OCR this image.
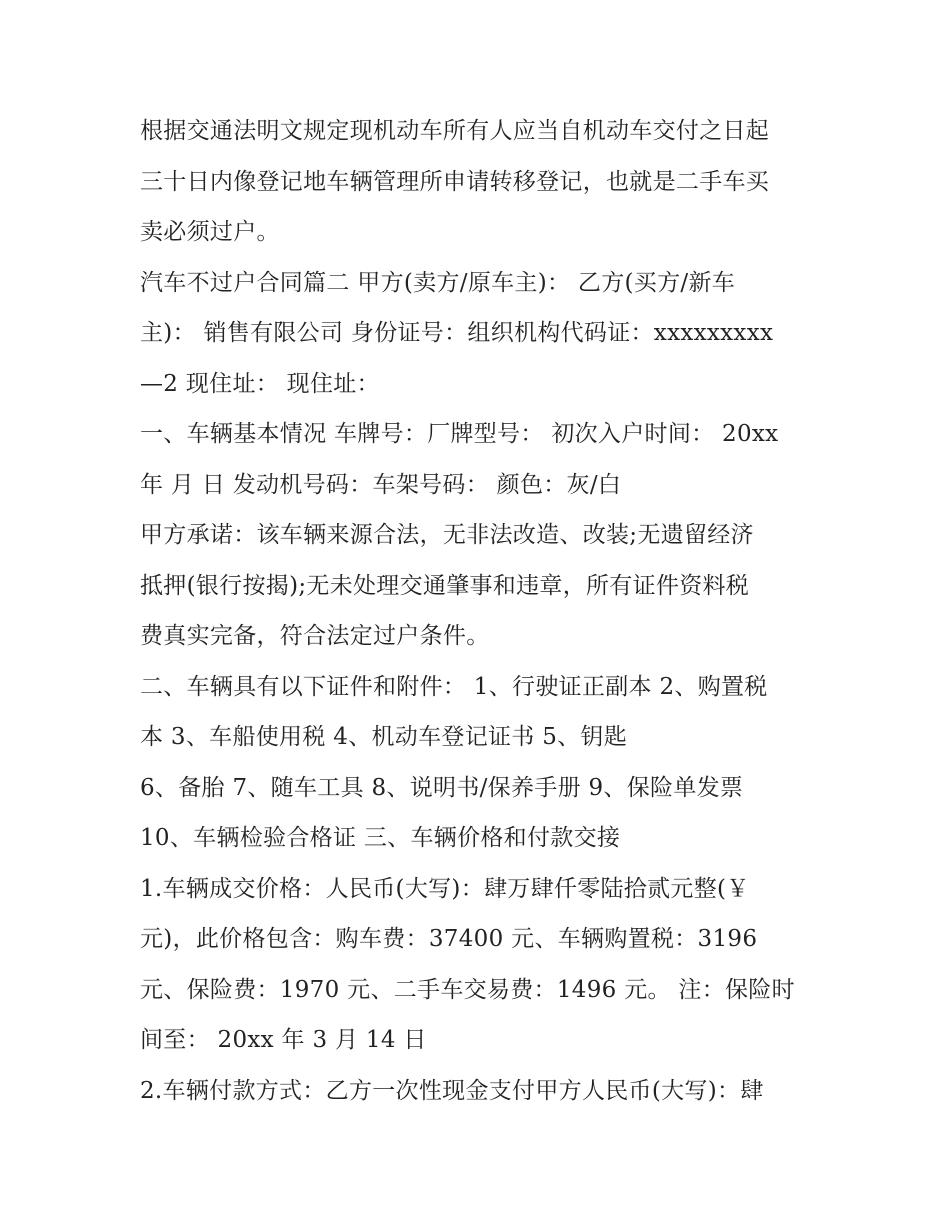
根据交通法明文规定现机动车所有人应当自机动车交付之日起
三十日内像登记地车辆管理所申请转移登记，也就是二手车买
卖必须过户。
汽车不过户合同篇二 甲方(卖方/原车主)： 乙方(买方/新车
主)： 销售有限公司 身份证号：组织机构代码证：xxxxxxxxx
—2 现住址： 现住址：
一、车辆基本情况 车牌号：厂牌型号： 初次入户时间： 20xx
年 月 日 发动机号码：车架号码： 颜色：灰/白
甲方承诺：该车辆来源合法，无非法改造、改装;无遗留经济
抵押(银行按揭);无未处理交通肇事和违章，所有证件资料税
费真实完备，符合法定过户条件。
二、车辆具有以下证件和附件： 1、行驶证正副本 2、购置税
本 3、车船使用税 4、机动车登记证书 5、钥匙
6、备胎 7、随车工具 8、说明书/保养手册 9、保险单发票
10、车辆检验合格证 三、车辆价格和付款交接
1.车辆成交价格：人民币(大写)：肆万肆仟零陆拾贰元整(￥
元)，此价格包含：购车费：37400 元、车辆购置税：3196
元、保险费：1970 元、二手车交易费：1496 元。 注：保险时
间至： 20xx 年 3 月 14 日
2.车辆付款方式：乙方一次性现金支付甲方人民币(大写)：肆
